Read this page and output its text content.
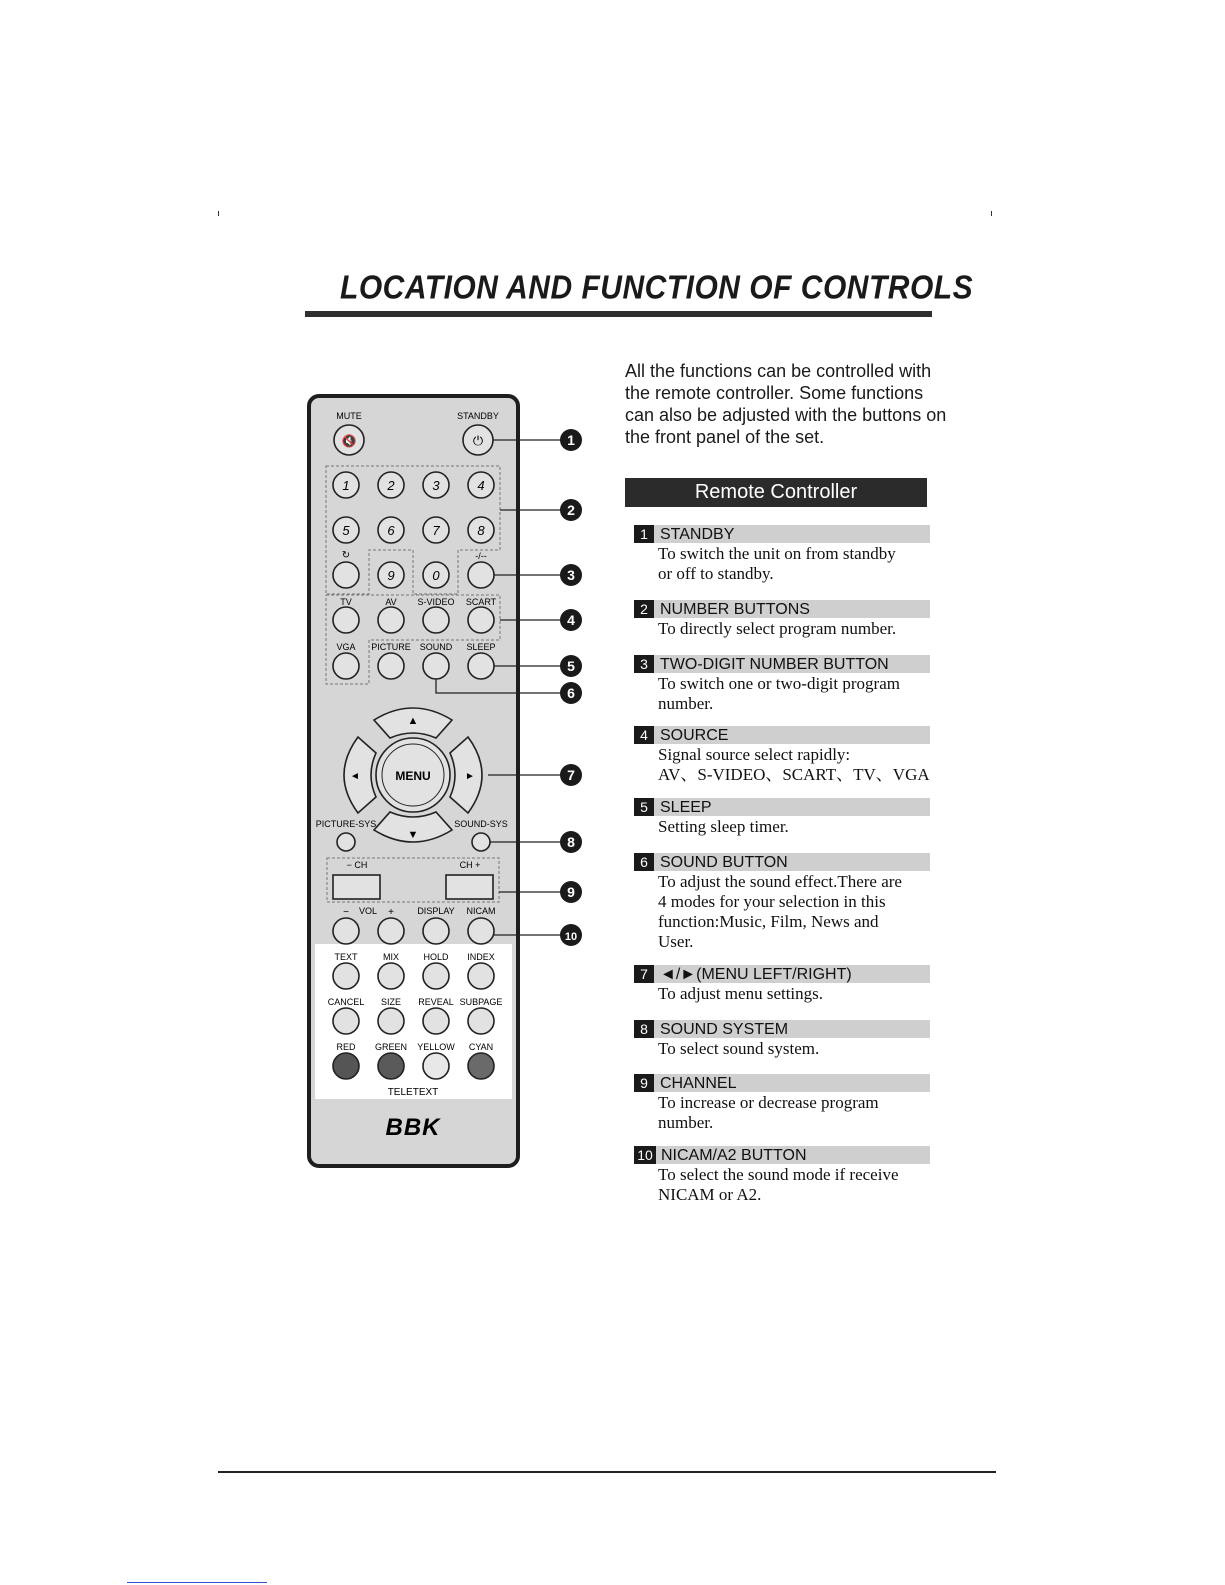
LOCATION AND FUNCTION OF CONTROLS
All the functions can be controlled with the remote controller. Some functions can also be adjusted with the buttons on the front panel of the set.
Remote Controller
MUTE
🔇
STANDBY
⏻
1	2	3	4
5	6	7	8
9	0
↻	-/--
TV	AV S-VIDEO SCART
VGA PICTURE SOUND SLEEP
▲
▼
◄	►
MENU
PICTURE-SYS	SOUND-SYS
− CH	CH +
− VOL +	DISPLAY NICAM
TEXT	MIX	HOLD INDEX
CANCEL SIZE REVEAL SUBPAGE
RED GREEN YELLOW CYAN
TELETEXT
BBK
1
2
3
4
5
6
7
8
9
10
1 STANDBY
To switch the unit on from standby
or off to standby.
2 NUMBER BUTTONS
To directly select program number.
3 TWO-DIGIT NUMBER BUTTON
To switch one or two-digit program
number.
4 SOURCE
Signal source select rapidly:
AV、S-VIDEO、SCART、TV、VGA
5 SLEEP
Setting sleep timer.
6 SOUND BUTTON
To adjust the sound effect.There are
4 modes for your selection in this
function:Music, Film, News and
User.
7 ◄/►(MENU LEFT/RIGHT)
To adjust menu settings.
8 SOUND SYSTEM
To select sound system.
9 CHANNEL
To increase or decrease program
number.
10 NICAM/A2 BUTTON
To select the sound mode if receive
NICAM or A2.
